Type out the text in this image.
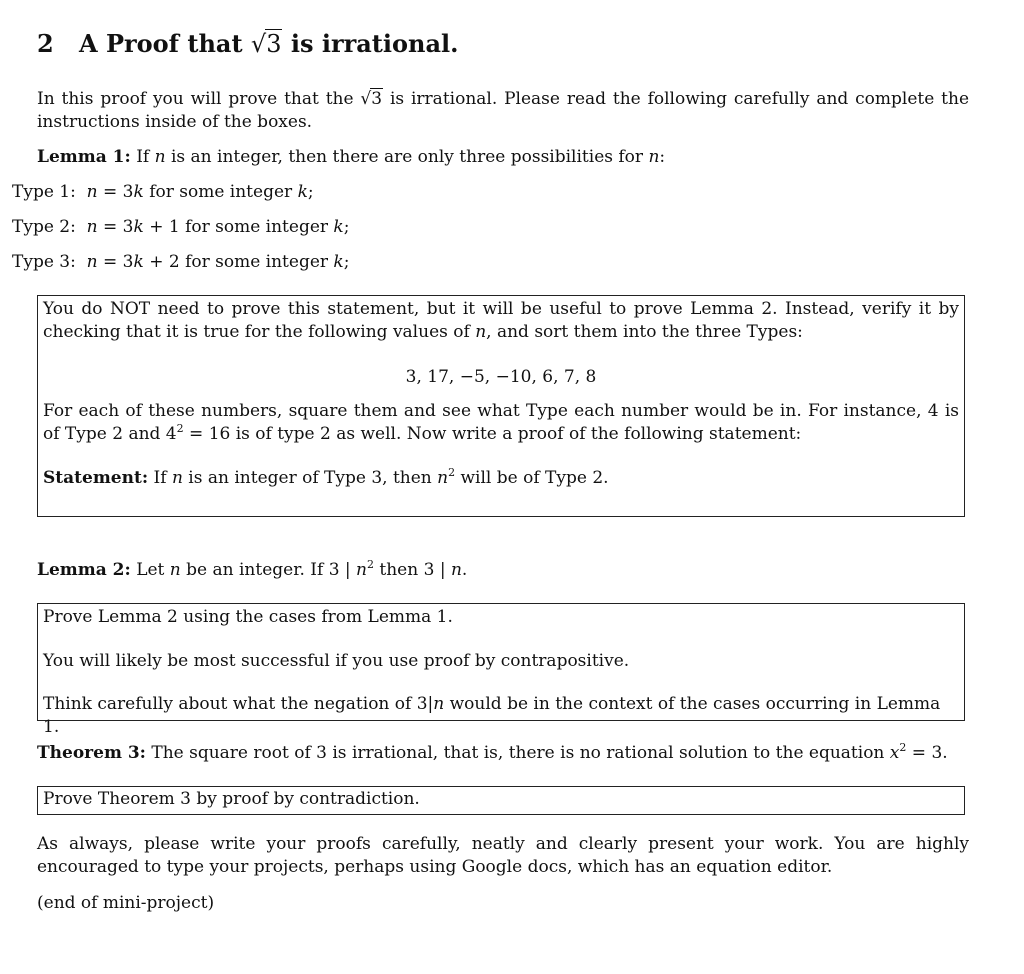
2 A Proof that √3 is irrational.
In this proof you will prove that the √3 is irrational. Please read the following carefully and complete the instructions inside of the boxes.
Lemma 1: If n is an integer, then there are only three possibilities for n:
Type 1: n = 3k for some integer k;
Type 2: n = 3k + 1 for some integer k;
Type 3: n = 3k + 2 for some integer k;

You do NOT need to prove this statement, but it will be useful to prove Lemma 2. Instead, verify it by checking that it is true for the following values of n, and sort them into the three Types:

3, 17, −5, −10, 6, 7, 8

For each of these numbers, square them and see what Type each number would be in. For instance, 4 is of Type 2 and $4^2 = 16$ is of type 2 as well. Now write a proof of the following statement:

Statement: If n is an integer of Type 3, then $n^2$ will be of Type 2.

Lemma 2: Let n be an integer. If 3 | $n^2$ then 3 | n.

Prove Lemma 2 using the cases from Lemma 1.

You will likely be most successful if you use proof by contrapositive.

Think carefully about what the negation of 3|n would be in the context of the cases occurring in Lemma 1.

Theorem 3: The square root of 3 is irrational, that is, there is no rational solution to the equation $x^2 = 3$.

Prove Theorem 3 by proof by contradiction.

As always, please write your proofs carefully, neatly and clearly present your work. You are highly encouraged to type your projects, perhaps using Google docs, which has an equation editor.
(end of mini-project)
